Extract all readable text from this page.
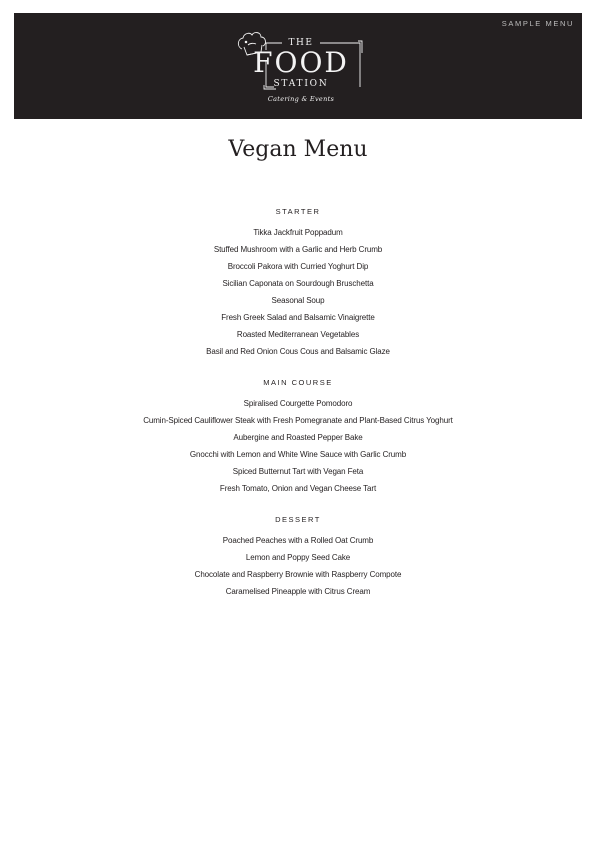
SAMPLE MENU
THE
FOOD
STATION
Catering & Events
Vegan Menu
STARTER
Tikka Jackfruit Poppadum
Stuffed Mushroom with a Garlic and Herb Crumb
Broccoli Pakora with Curried Yoghurt Dip
Sicilian Caponata on Sourdough Bruschetta
Seasonal Soup
Fresh Greek Salad and Balsamic Vinaigrette
Roasted Mediterranean Vegetables
Basil and Red Onion Cous Cous and Balsamic Glaze
MAIN COURSE
Spiralised Courgette Pomodoro
Cumin-Spiced Cauliflower Steak with Fresh Pomegranate and Plant-Based Citrus Yoghurt
Aubergine and Roasted Pepper Bake
Gnocchi with Lemon and White Wine Sauce with Garlic Crumb
Spiced Butternut Tart with Vegan Feta
Fresh Tomato, Onion and Vegan Cheese Tart
DESSERT
Poached Peaches with a Rolled Oat Crumb
Lemon and Poppy Seed Cake
Chocolate and Raspberry Brownie with Raspberry Compote
Caramelised Pineapple with Citrus Cream
